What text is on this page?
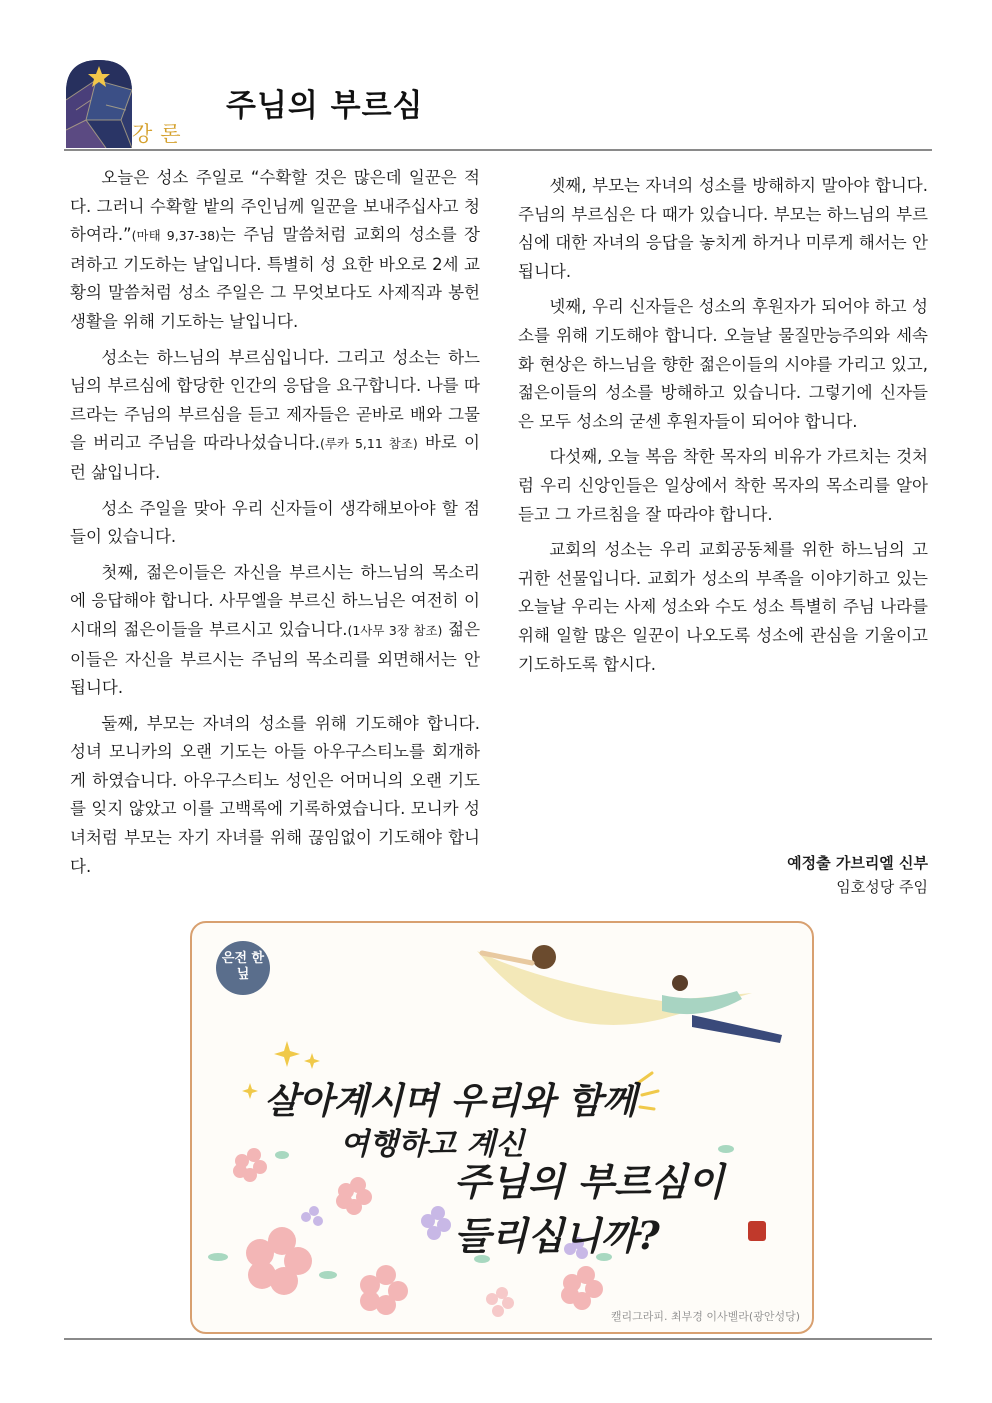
강론
주님의 부르심

오늘은 성소 주일로 “수확할 것은 많은데 일꾼은 적다. 그러니 수확할 밭의 주인님께 일꾼을 보내주십사고 청하여라.”(마태 9,37-38)는 주님 말씀처럼 교회의 성소를 장려하고 기도하는 날입니다. 특별히 성 요한 바오로 2세 교황의 말씀처럼 성소 주일은 그 무엇보다도 사제직과 봉헌생활을 위해 기도하는 날입니다.

성소는 하느님의 부르심입니다. 그리고 성소는 하느님의 부르심에 합당한 인간의 응답을 요구합니다. 나를 따르라는 주님의 부르심을 듣고 제자들은 곧바로 배와 그물을 버리고 주님을 따라나섰습니다.(루카 5,11 참조) 바로 이런 삶입니다.

성소 주일을 맞아 우리 신자들이 생각해보아야 할 점들이 있습니다.

첫째, 젊은이들은 자신을 부르시는 하느님의 목소리에 응답해야 합니다. 사무엘을 부르신 하느님은 여전히 이 시대의 젊은이들을 부르시고 있습니다.(1사무 3장 참조) 젊은이들은 자신을 부르시는 주님의 목소리를 외면해서는 안 됩니다.

둘째, 부모는 자녀의 성소를 위해 기도해야 합니다. 성녀 모니카의 오랜 기도는 아들 아우구스티노를 회개하게 하였습니다. 아우구스티노 성인은 어머니의 오랜 기도를 잊지 않았고 이를 고백록에 기록하였습니다. 모니카 성녀처럼 부모는 자기 자녀를 위해 끊임없이 기도해야 합니다.

셋째, 부모는 자녀의 성소를 방해하지 말아야 합니다. 주님의 부르심은 다 때가 있습니다. 부모는 하느님의 부르심에 대한 자녀의 응답을 놓치게 하거나 미루게 해서는 안 됩니다.

넷째, 우리 신자들은 성소의 후원자가 되어야 하고 성소를 위해 기도해야 합니다. 오늘날 물질만능주의와 세속화 현상은 하느님을 향한 젊은이들의 시야를 가리고 있고, 젊은이들의 성소를 방해하고 있습니다. 그렇기에 신자들은 모두 성소의 굳센 후원자들이 되어야 합니다.

다섯째, 오늘 복음 착한 목자의 비유가 가르치는 것처럼 우리 신앙인들은 일상에서 착한 목자의 목소리를 알아듣고 그 가르침을 잘 따라야 합니다.

교회의 성소는 우리 교회공동체를 위한 하느님의 고귀한 선물입니다. 교회가 성소의 부족을 이야기하고 있는 오늘날 우리는 사제 성소와 수도 성소 특별히 주님 나라를 위해 일할 많은 일꾼이 나오도록 성소에 관심을 기울이고 기도하도록 합시다.

예정출 가브리엘 신부
임호성당 주임
은전 한닢
살아계시며 우리와 함께
여행하고 계신
주님의 부르심이
들리십니까?
캘리그라피. 최부경 이사벨라(광안성당)
